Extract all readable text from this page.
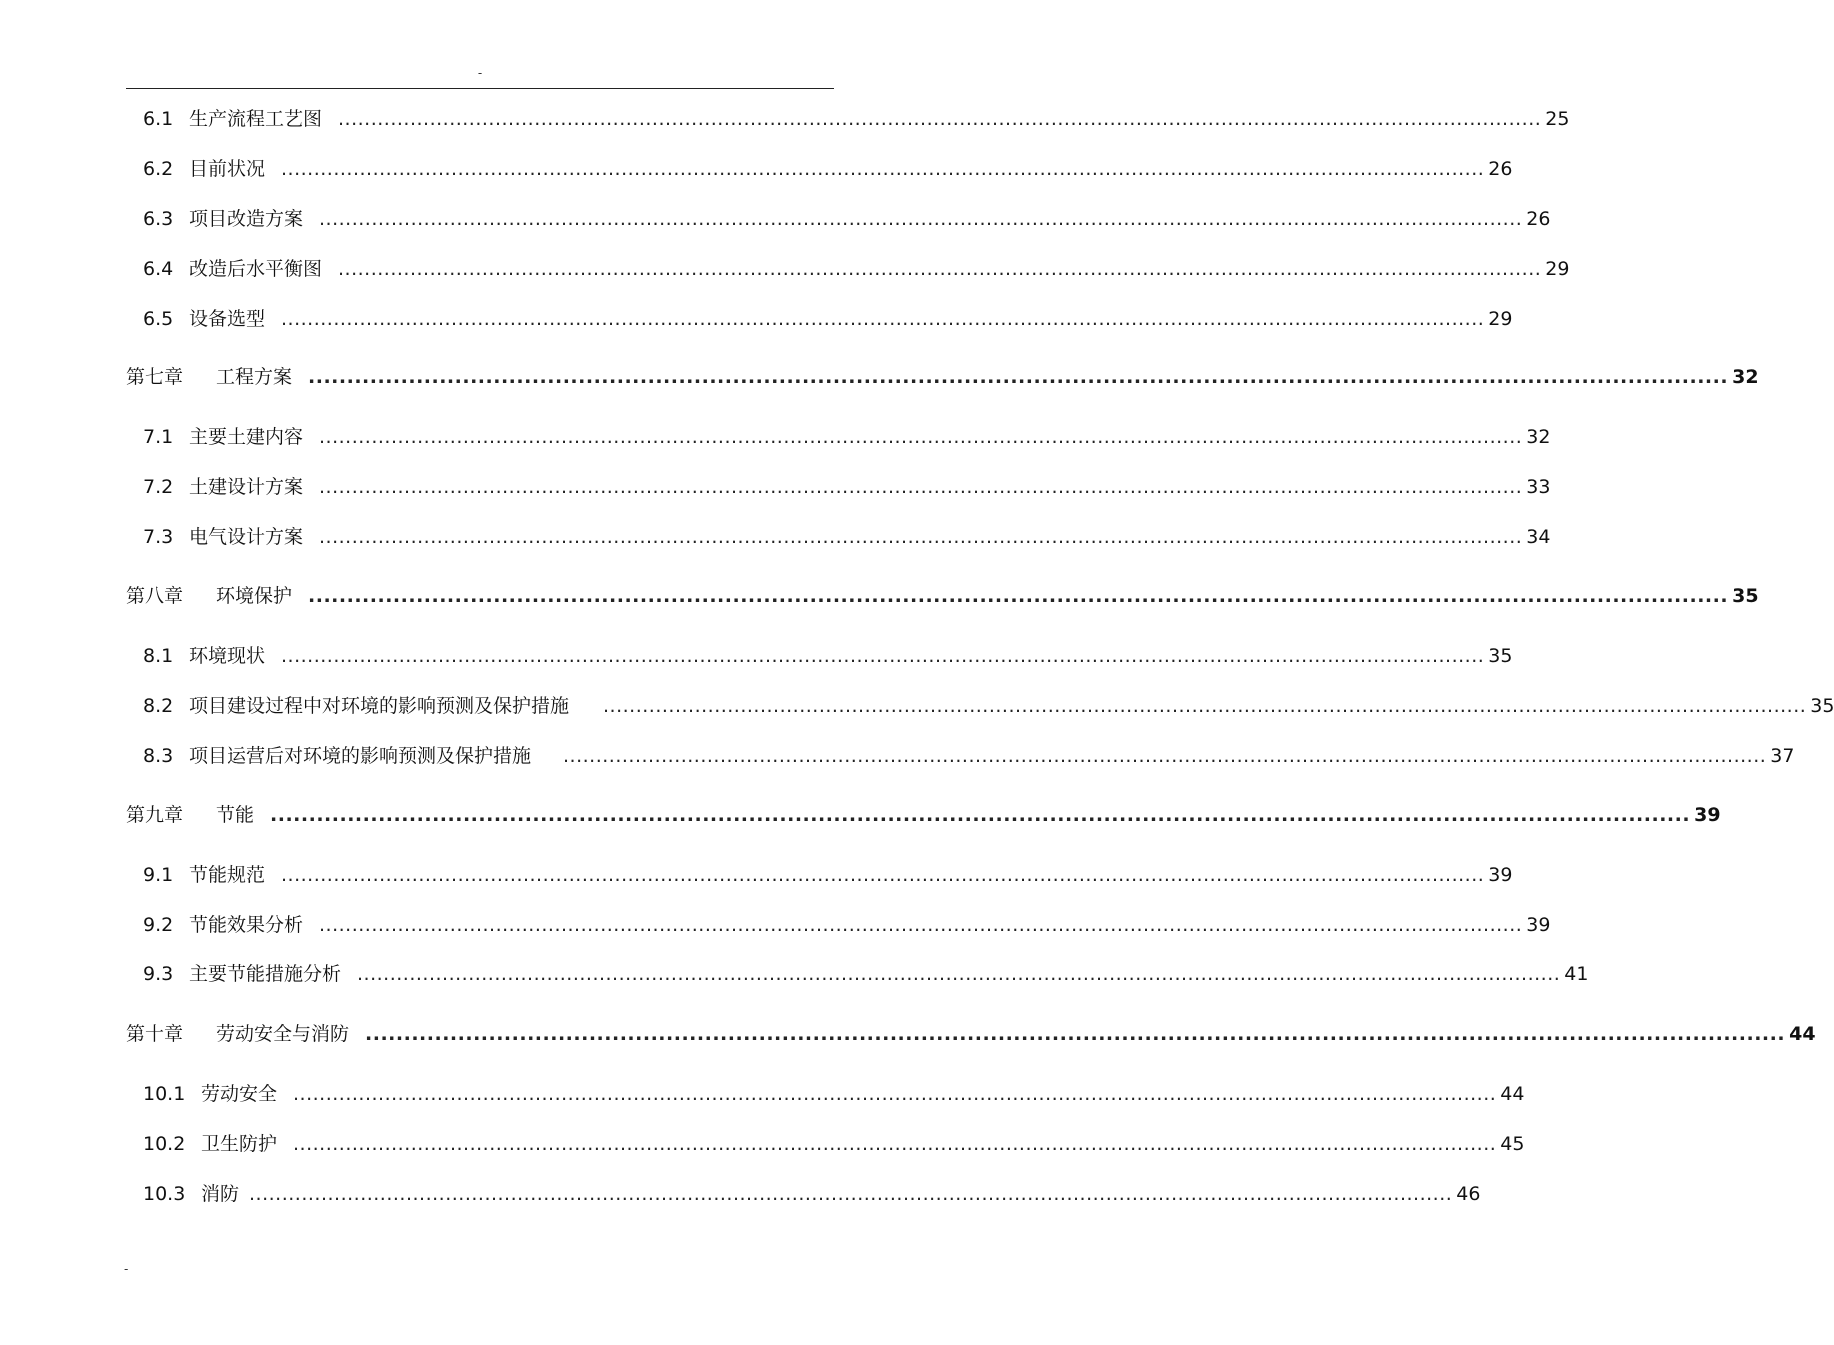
-
6.1 生产流程工艺图 ........................................................................................................................................................................................ 25
6.2 目前状况 ........................................................................................................................................................................................ 26
6.3 项目改造方案 ........................................................................................................................................................................................ 26
6.4 改造后水平衡图 ........................................................................................................................................................................................ 29
6.5 设备选型 ........................................................................................................................................................................................ 29
第七章	工程方案 ........................................................................................................................................................................................ 32
7.1 主要土建内容 ........................................................................................................................................................................................ 32
7.2 土建设计方案 ........................................................................................................................................................................................ 33
7.3 电气设计方案 ........................................................................................................................................................................................ 34
第八章	环境保护 ........................................................................................................................................................................................ 35
8.1 环境现状 ........................................................................................................................................................................................ 35
8.2 项目建设过程中对环境的影响预测及保护措施 ........................................................................................................................................................................................ 35
8.3 项目运营后对环境的影响预测及保护措施 ........................................................................................................................................................................................ 37
第九章	节能 ........................................................................................................................................................................................ 39
9.1 节能规范 ........................................................................................................................................................................................ 39
9.2 节能效果分析 ........................................................................................................................................................................................ 39
9.3 主要节能措施分析 ........................................................................................................................................................................................ 41
第十章	劳动安全与消防 ........................................................................................................................................................................................ 44
10.1 劳动安全 ........................................................................................................................................................................................ 44
10.2 卫生防护 ........................................................................................................................................................................................ 45
10.3 消防 ........................................................................................................................................................................................ 46
-
